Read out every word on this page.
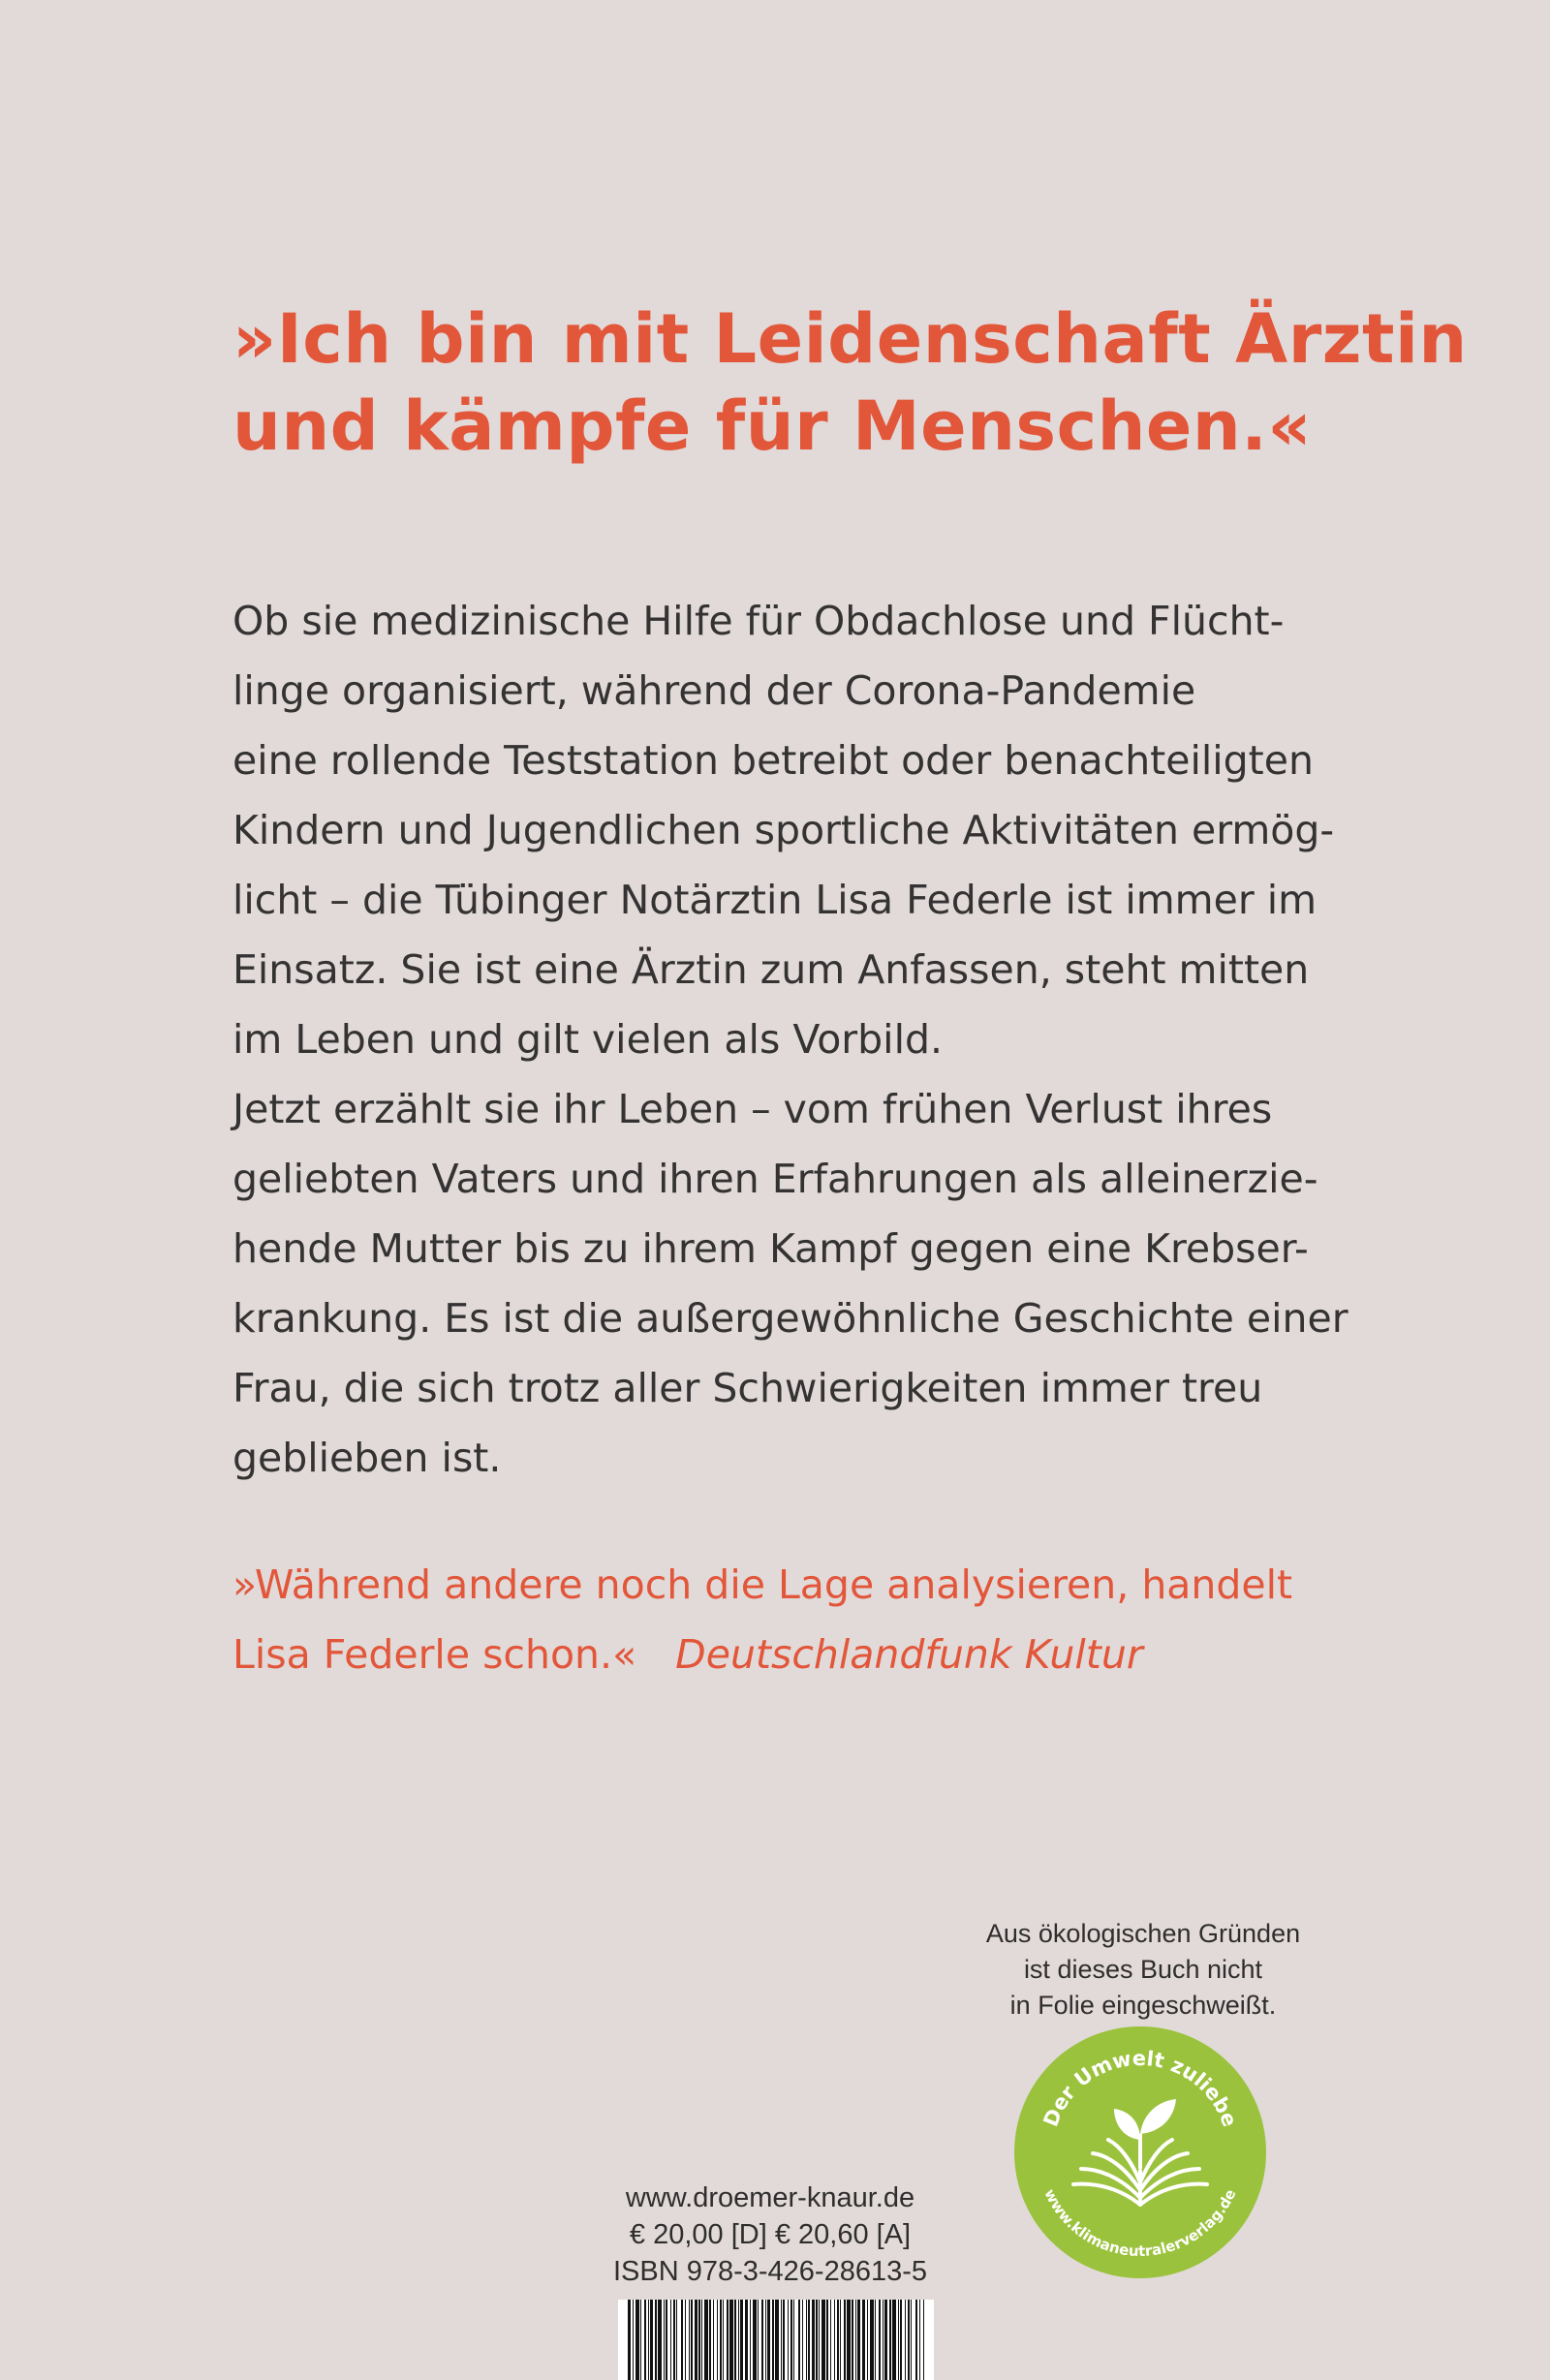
»Ich bin mit Leidenschaft Ärztin
und kämpfe für Menschen.«
Ob sie medizinische Hilfe für Obdachlose und Flücht-
linge organisiert, während der Corona-Pandemie
eine rollende Teststation betreibt oder benachteiligten
Kindern und Jugendlichen sportliche Aktivitäten ermög-
licht – die Tübinger Notärztin Lisa Federle ist immer im
Einsatz. Sie ist eine Ärztin zum Anfassen, steht mitten
im Leben und gilt vielen als Vorbild.
Jetzt erzählt sie ihr Leben – vom frühen Verlust ihres
geliebten Vaters und ihren Erfahrungen als alleinerzie-
hende Mutter bis zu ihrem Kampf gegen eine Krebser-
krankung. Es ist die außergewöhnliche Geschichte einer
Frau, die sich trotz aller Schwierigkeiten immer treu
geblieben ist.
»Während andere noch die Lage analysieren, handelt
Lisa Federle schon.« Deutschlandfunk Kultur
Aus ökologischen Gründen
ist dieses Buch nicht
in Folie eingeschweißt.
Der Umwelt zuliebe
www.klimaneutralerverlag.de
www.droemer-knaur.de
€ 20,00 [D] € 20,60 [A]
ISBN 978-3-426-28613-5
